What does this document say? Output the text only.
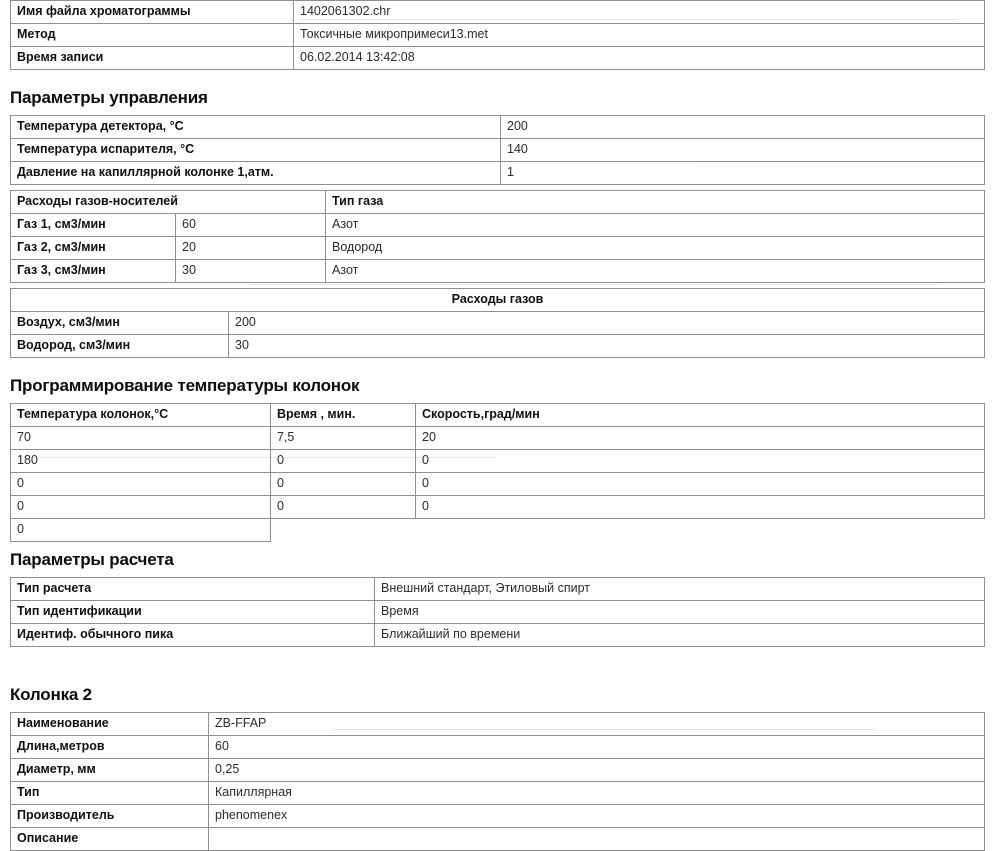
Имя файла хроматограммы	1402061302.chr
Метод	Токсичные микропримеси13.met
Время записи	06.02.2014 13:42:08
Параметры управления
Температура детектора, °C	200
Температура испарителя, °C	140
Давление на капиллярной колонке 1,атм.	1
Расходы газов-носителей		Тип газа
Газ 1, см3/мин	60	Азот
Газ 2, см3/мин	20	Водород
Газ 3, см3/мин	30	Азот
Расходы газов	
Воздух, см3/мин	200
Водород, см3/мин	30
Программирование температуры колонок
Температура колонок,°С	Время , мин.	Скорость,град/мин
70	7,5	20
180	0	0
0	0	0
0	0	0
0		
Параметры расчета
Тип расчета	Внешний стандарт, Этиловый спирт
Тип идентификации	Время
Идентиф. обычного пика	Ближайший по времени
Колонка 2
Наименование	ZB-FFAP
Длина,метров	60
Диаметр, мм	0,25
Тип	Капиллярная
Производитель	phenomenex
Описание	
